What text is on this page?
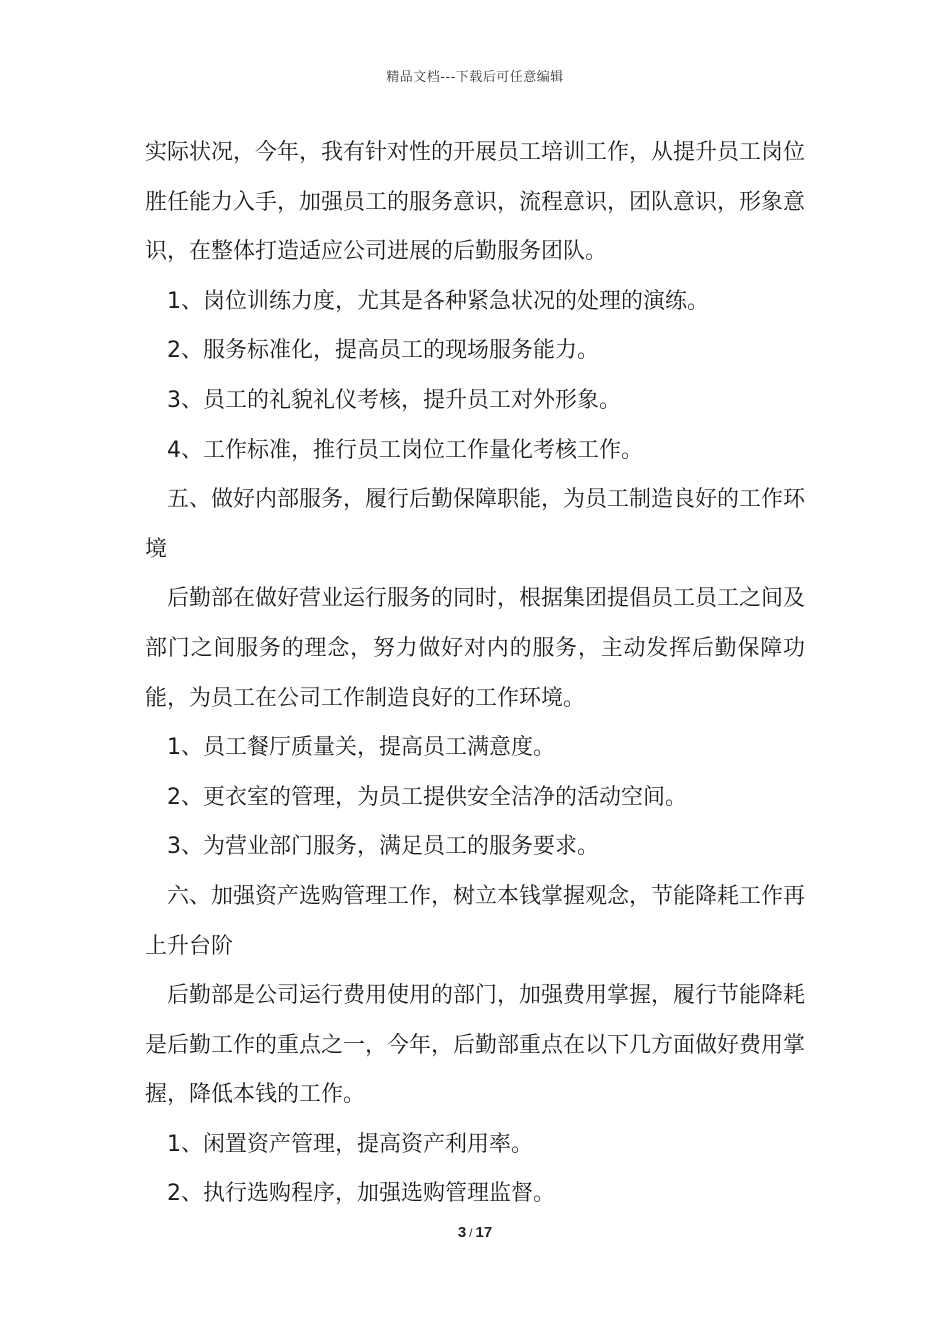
精品文档---下载后可任意编辑

实际状况，今年，我有针对性的开展员工培训工作，从提升员工岗位胜任能力入手，加强员工的服务意识，流程意识，团队意识，形象意识，在整体打造适应公司进展的后勤服务团队。

1、岗位训练力度，尤其是各种紧急状况的处理的演练。

2、服务标准化，提高员工的现场服务能力。

3、员工的礼貌礼仪考核，提升员工对外形象。

4、工作标准，推行员工岗位工作量化考核工作。

五、做好内部服务，履行后勤保障职能，为员工制造良好的工作环境

后勤部在做好营业运行服务的同时，根据集团提倡员工员工之间及部门之间服务的理念，努力做好对内的服务，主动发挥后勤保障功能，为员工在公司工作制造良好的工作环境。

1、员工餐厅质量关，提高员工满意度。

2、更衣室的管理，为员工提供安全洁净的活动空间。

3、为营业部门服务，满足员工的服务要求。

六、加强资产选购管理工作，树立本钱掌握观念，节能降耗工作再上升台阶

后勤部是公司运行费用使用的部门，加强费用掌握，履行节能降耗是后勤工作的重点之一，今年，后勤部重点在以下几方面做好费用掌握，降低本钱的工作。

1、闲置资产管理，提高资产利用率。

2、执行选购程序，加强选购管理监督。

3 / 17
